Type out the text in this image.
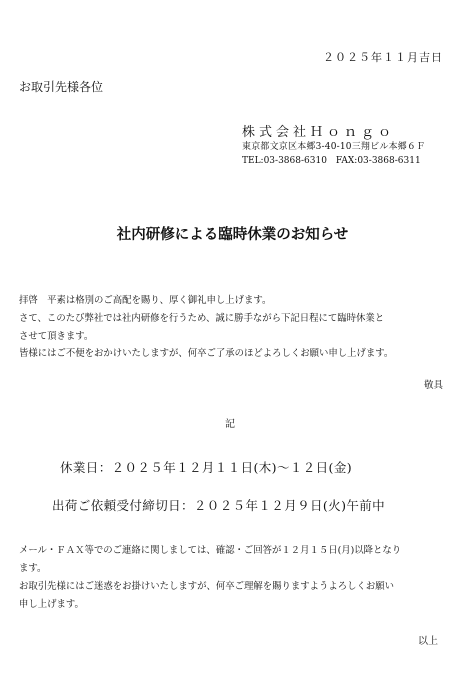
２０２５年１１月吉日
お取引先様各位
株式会社Ｈｏｎｇｏ
東京都文京区本郷3-40-10三翔ビル本郷６Ｆ
TEL:03-3868-6310　FAX:03-3868-6311
社内研修による臨時休業のお知らせ
拝啓　平素は格別のご高配を賜り、厚く御礼申し上げます。
さて、このたび弊社では社内研修を行うため、誠に勝手ながら下記日程にて臨時休業と
させて頂きます。
皆様にはご不便をおかけいたしますが、何卒ご了承のほどよろしくお願い申し上げます。
敬具
記
休業日：２０２５年１２月１１日(木)～１２日(金)
出荷ご依頼受付締切日：２０２５年１２月９日(火)午前中
メール・ＦＡＸ等でのご連絡に関しましては、確認・ご回答が１２月１５日(月)以降となり
ます。
お取引先様にはご迷惑をお掛けいたしますが、何卒ご理解を賜りますようよろしくお願い
申し上げます。
以上
